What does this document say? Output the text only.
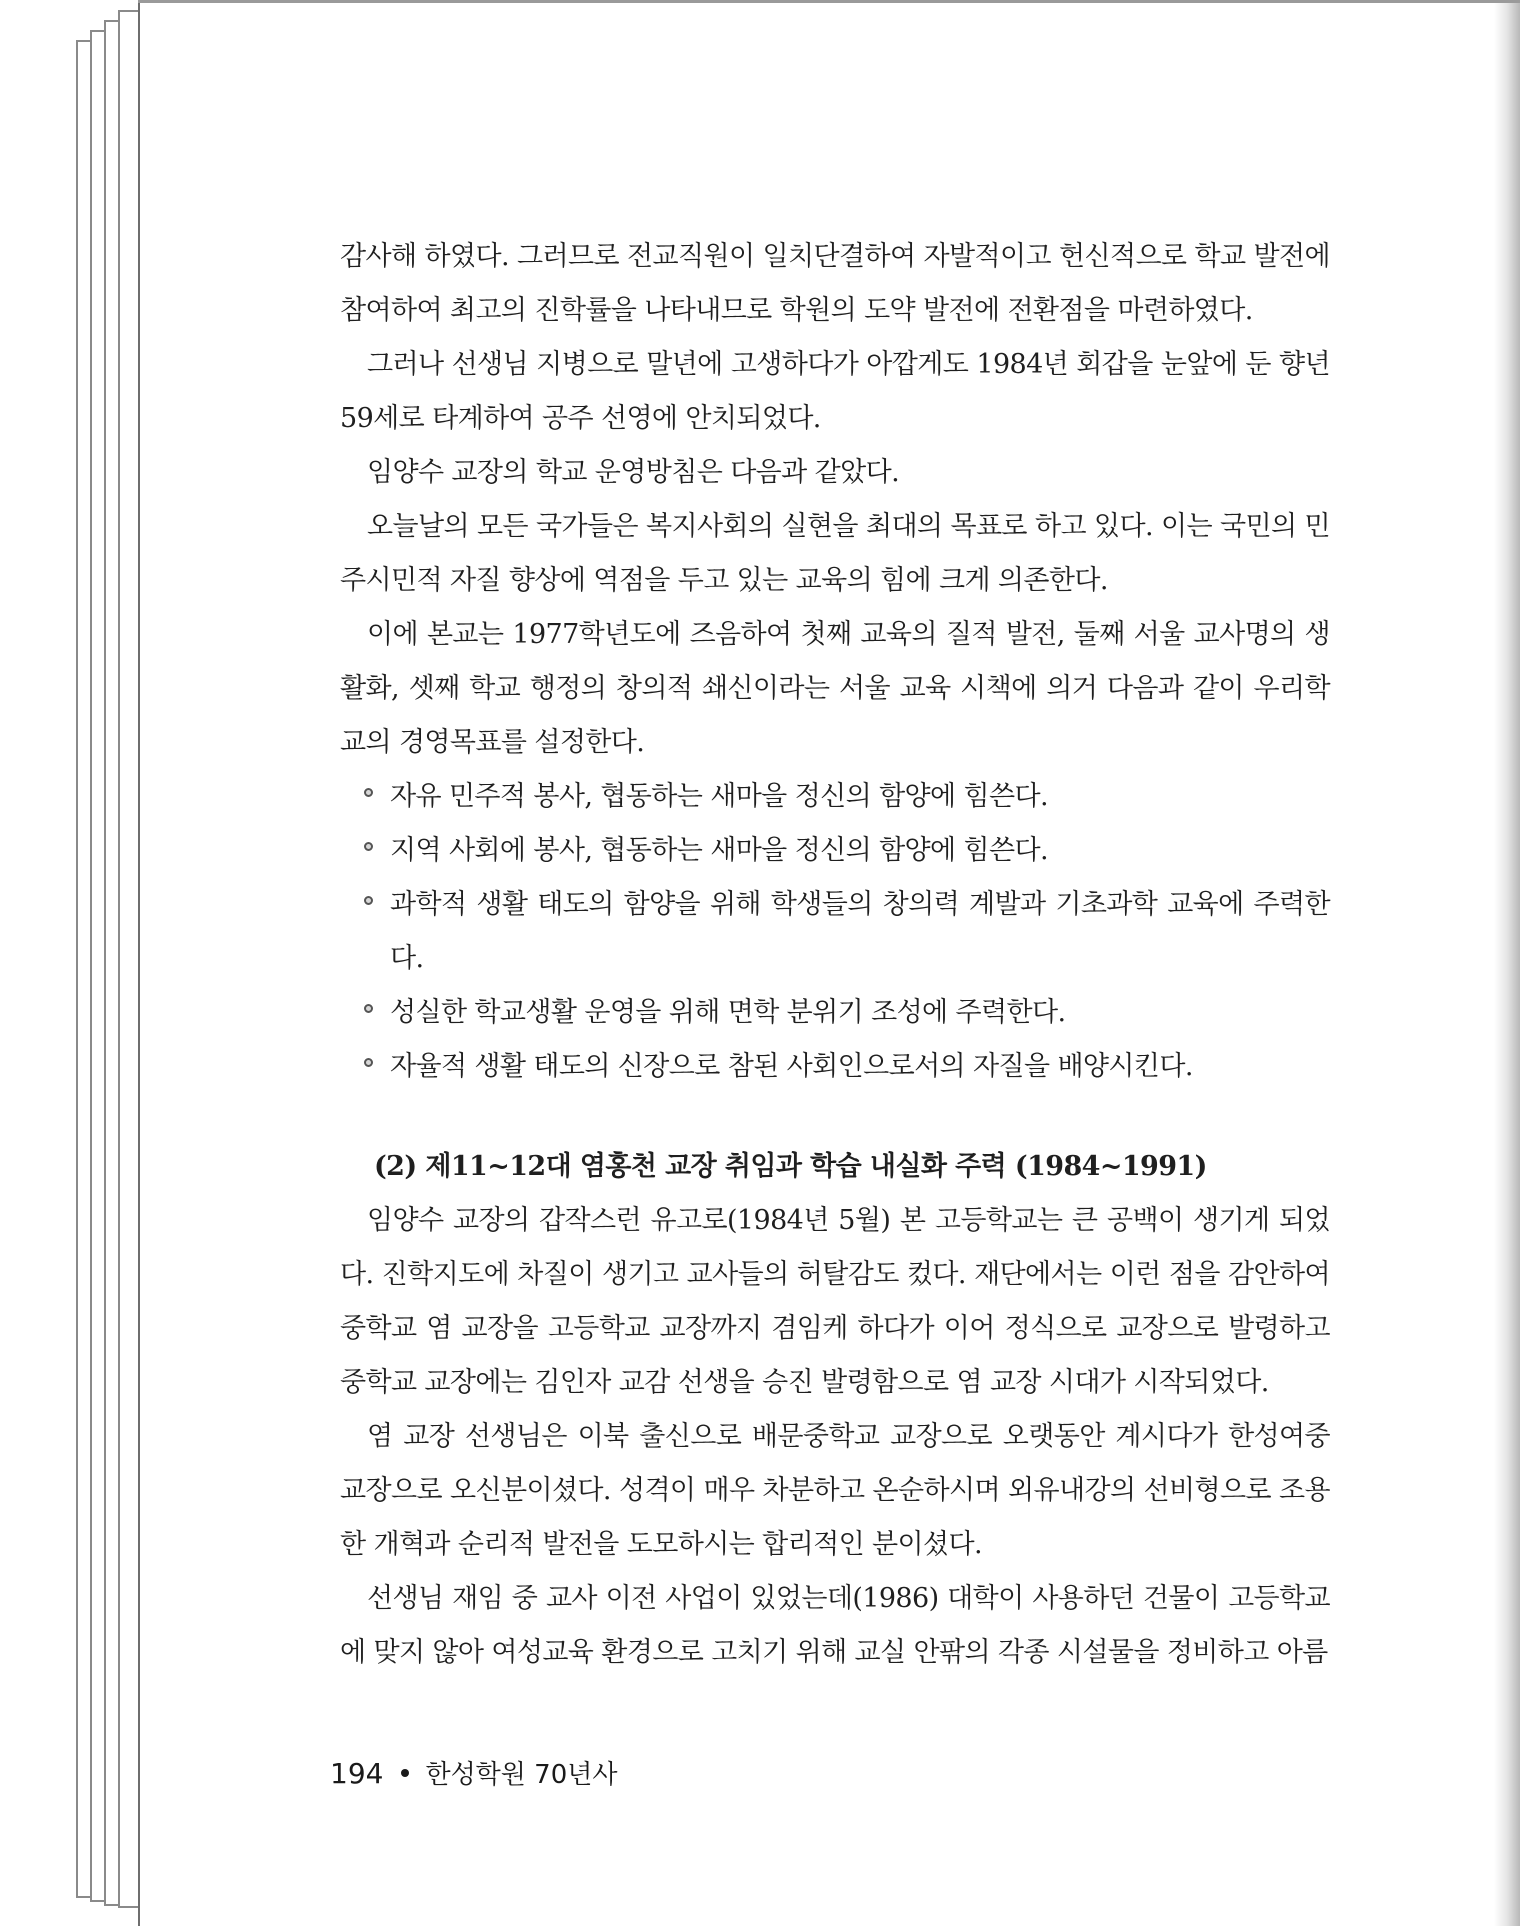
감사해 하였다. 그러므로 전교직원이 일치단결하여 자발적이고 헌신적으로 학교 발전에 참여하여 최고의 진학률을 나타내므로 학원의 도약 발전에 전환점을 마련하였다.

그러나 선생님 지병으로 말년에 고생하다가 아깝게도 1984년 회갑을 눈앞에 둔 향년 59세로 타계하여 공주 선영에 안치되었다.

임양수 교장의 학교 운영방침은 다음과 같았다.

오늘날의 모든 국가들은 복지사회의 실현을 최대의 목표로 하고 있다. 이는 국민의 민주시민적 자질 향상에 역점을 두고 있는 교육의 힘에 크게 의존한다.

이에 본교는 1977학년도에 즈음하여 첫째 교육의 질적 발전, 둘째 서울 교사명의 생활화, 셋째 학교 행정의 창의적 쇄신이라는 서울 교육 시책에 의거 다음과 같이 우리학교의 경영목표를 설정한다.

자유 민주적 봉사, 협동하는 새마을 정신의 함양에 힘쓴다.
지역 사회에 봉사, 협동하는 새마을 정신의 함양에 힘쓴다.
과학적 생활 태도의 함양을 위해 학생들의 창의력 계발과 기초과학 교육에 주력한다.
성실한 학교생활 운영을 위해 면학 분위기 조성에 주력한다.
자율적 생활 태도의 신장으로 참된 사회인으로서의 자질을 배양시킨다.
(2) 제11~12대 염홍천 교장 취임과 학습 내실화 주력 (1984~1991)

임양수 교장의 갑작스런 유고로(1984년 5월) 본 고등학교는 큰 공백이 생기게 되었다. 진학지도에 차질이 생기고 교사들의 허탈감도 컸다. 재단에서는 이런 점을 감안하여 중학교 염 교장을 고등학교 교장까지 겸임케 하다가 이어 정식으로 교장으로 발령하고 중학교 교장에는 김인자 교감 선생을 승진 발령함으로 염 교장 시대가 시작되었다.

염 교장 선생님은 이북 출신으로 배문중학교 교장으로 오랫동안 계시다가 한성여중 교장으로 오신분이셨다. 성격이 매우 차분하고 온순하시며 외유내강의 선비형으로 조용한 개혁과 순리적 발전을 도모하시는 합리적인 분이셨다.

선생님 재임 중 교사 이전 사업이 있었는데(1986) 대학이 사용하던 건물이 고등학교에 맞지 않아 여성교육 환경으로 고치기 위해 교실 안팎의 각종 시설물을 정비하고 아름

194 한성학원 70년사
